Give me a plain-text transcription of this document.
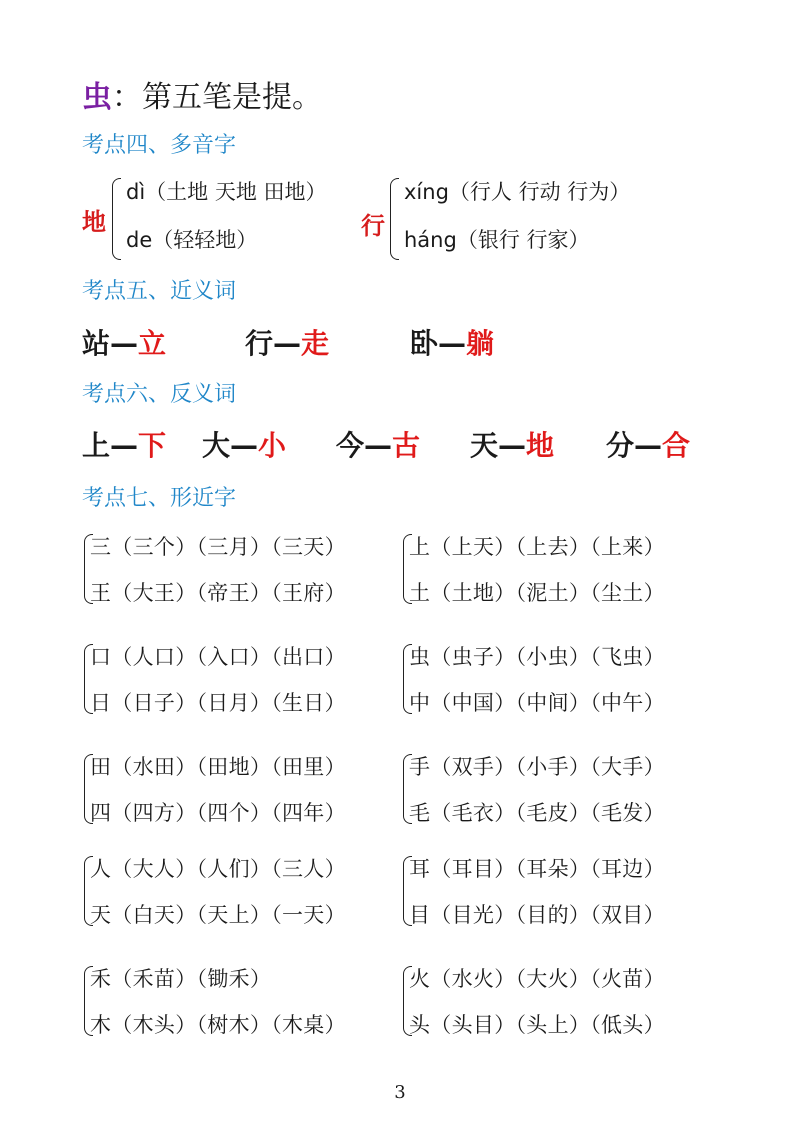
虫：第五笔是提。
考点四、多音字
地
dì（土地 天地 田地）
de（轻轻地）	行
xíng（行人 行动 行为）
háng（银行 行家）
考点五、近义词
站—立	行—走	卧—躺
考点六、反义词
上—下 大—小 今—古 天—地 分—合
考点七、形近字
三（三个）（三月）（三天）
王（大王）（帝王）（王府）
上（上天）（上去）（上来）
土（土地）（泥土）（尘土）
口（人口）（入口）（出口）
日（日子）（日月）（生日）
虫（虫子）（小虫）（飞虫）
中（中国）（中间）（中午）
田（水田）（田地）（田里）
四（四方）（四个）（四年）
手（双手）（小手）（大手）
毛（毛衣）（毛皮）（毛发）
人（大人）（人们）（三人）
天（白天）（天上）（一天）
耳（耳目）（耳朵）（耳边）
目（目光）（目的）（双目）
禾（禾苗）（锄禾）
木（木头）（树木）（木桌）
火（水火）（大火）（火苗）
头（头目）（头上）（低头）
3
